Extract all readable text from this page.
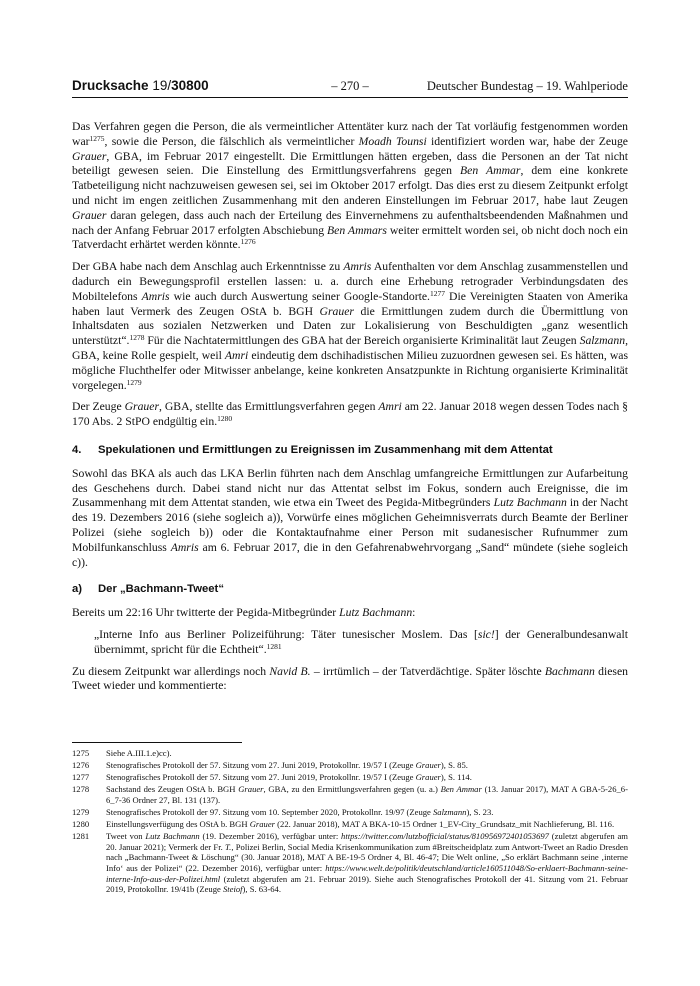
Drucksache 19/30800	– 270 –	Deutscher Bundestag – 19. Wahlperiode

Das Verfahren gegen die Person, die als vermeintlicher Attentäter kurz nach der Tat vorläufig festgenommen worden war$^{1275}$, sowie die Person, die fälschlich als vermeintlicher Moadh Tounsi identifiziert worden war, habe der Zeuge Grauer, GBA, im Februar 2017 eingestellt. Die Ermittlungen hätten ergeben, dass die Personen an der Tat nicht beteiligt gewesen seien. Die Einstellung des Ermittlungsverfahrens gegen Ben Ammar, dem eine konkrete Tatbeteiligung nicht nachzuweisen gewesen sei, sei im Oktober 2017 erfolgt. Das dies erst zu diesem Zeitpunkt erfolgt und nicht im engen zeitlichen Zusammenhang mit den anderen Einstellungen im Februar 2017, habe laut Zeugen Grauer daran gelegen, dass auch nach der Erteilung des Einvernehmens zu aufenthaltsbeendenden Maßnahmen und nach der Anfang Februar 2017 erfolgten Abschiebung Ben Ammars weiter ermittelt worden sei, ob nicht doch noch ein Tatverdacht erhärtet werden könnte.$^{1276}$

Der GBA habe nach dem Anschlag auch Erkenntnisse zu Amris Aufenthalten vor dem Anschlag zusammenstellen und dadurch ein Bewegungsprofil erstellen lassen: u. a. durch eine Erhebung retrograder Verbindungsdaten des Mobiltelefons Amris wie auch durch Auswertung seiner Google-Standorte.$^{1277}$ Die Vereinigten Staaten von Amerika haben laut Vermerk des Zeugen OStA b. BGH Grauer die Ermittlungen zudem durch die Übermittlung von Inhaltsdaten aus sozialen Netzwerken und Daten zur Lokalisierung von Beschuldigten „ganz wesentlich unterstützt“.$^{1278}$ Für die Nachtatermittlungen des GBA hat der Bereich organisierte Kriminalität laut Zeugen Salzmann, GBA, keine Rolle gespielt, weil Amri eindeutig dem dschihadistischen Milieu zuzuordnen gewesen sei. Es hätten, was mögliche Fluchthelfer oder Mitwisser anbelange, keine konkreten Ansatzpunkte in Richtung organisierte Kriminalität vorgelegen.$^{1279}$

Der Zeuge Grauer, GBA, stellte das Ermittlungsverfahren gegen Amri am 22. Januar 2018 wegen dessen Todes nach § 170 Abs. 2 StPO endgültig ein.$^{1280}$

4.	Spekulationen und Ermittlungen zu Ereignissen im Zusammenhang mit dem Attentat

Sowohl das BKA als auch das LKA Berlin führten nach dem Anschlag umfangreiche Ermittlungen zur Aufarbeitung des Geschehens durch. Dabei stand nicht nur das Attentat selbst im Fokus, sondern auch Ereignisse, die im Zusammenhang mit dem Attentat standen, wie etwa ein Tweet des Pegida-Mitbegründers Lutz Bachmann in der Nacht des 19. Dezembers 2016 (siehe sogleich a)), Vorwürfe eines möglichen Geheimnisverrats durch Beamte der Berliner Polizei (siehe sogleich b)) oder die Kontaktaufnahme einer Person mit sudanesischer Rufnummer zum Mobilfunkanschluss Amris am 6. Februar 2017, die in den Gefahrenabwehrvorgang „Sand“ mündete (siehe sogleich c)).

a)	Der „Bachmann-Tweet“

Bereits um 22:16 Uhr twitterte der Pegida-Mitbegründer Lutz Bachmann:

„Interne Info aus Berliner Polizeiführung: Täter tunesischer Moslem. Das [sic!] der Generalbundesanwalt übernimmt, spricht für die Echtheit“.$^{1281}$

Zu diesem Zeitpunkt war allerdings noch Navid B. – irrtümlich – der Tatverdächtige. Später löschte Bachmann diesen Tweet wieder und kommentierte:

1275	Siehe A.III.1.e)cc).
1276	Stenografisches Protokoll der 57. Sitzung vom 27. Juni 2019, Protokollnr. 19/57 I (Zeuge Grauer), S. 85.
1277	Stenografisches Protokoll der 57. Sitzung vom 27. Juni 2019, Protokollnr. 19/57 I (Zeuge Grauer), S. 114.
1278	Sachstand des Zeugen OStA b. BGH Grauer, GBA, zu den Ermittlungsverfahren gegen (u. a.) Ben Ammar (13. Januar 2017), MAT A GBA-5-26_6-6_7-36 Ordner 27, Bl. 131 (137).
1279	Stenografisches Protokoll der 97. Sitzung vom 10. September 2020, Protokollnr. 19/97 (Zeuge Salzmann), S. 23.
1280	Einstellungsverfügung des OStA b. BGH Grauer (22. Januar 2018), MAT A BKA-10-15 Ordner 1_EV-City_Grundsatz_mit Nachlieferung, Bl. 116.
1281	Tweet von Lutz Bachmann (19. Dezember 2016), verfügbar unter: https://twitter.com/lutzbofficial/status/810956972401053697 (zuletzt abgerufen am 20. Januar 2021); Vermerk der Fr. T., Polizei Berlin, Social Media Krisenkommunikation zum #Breitscheidplatz zum Antwort-Tweet an Radio Dresden nach „Bachmann-Tweet & Löschung“ (30. Januar 2018), MAT A BE-19-5 Ordner 4, Bl. 46-47; Die Welt online, „So erklärt Bachmann seine ‚interne Info‘ aus der Polizei“ (22. Dezember 2016), verfügbar unter: https://www.welt.de/politik/deutschland/article160511048/So-erklaert-Bachmann-seine-interne-Info-aus-der-Polizei.html (zuletzt abgerufen am 21. Februar 2019). Siehe auch Stenografisches Protokoll der 41. Sitzung vom 21. Februar 2019, Protokollnr. 19/41b (Zeuge Steiof), S. 63-64.
